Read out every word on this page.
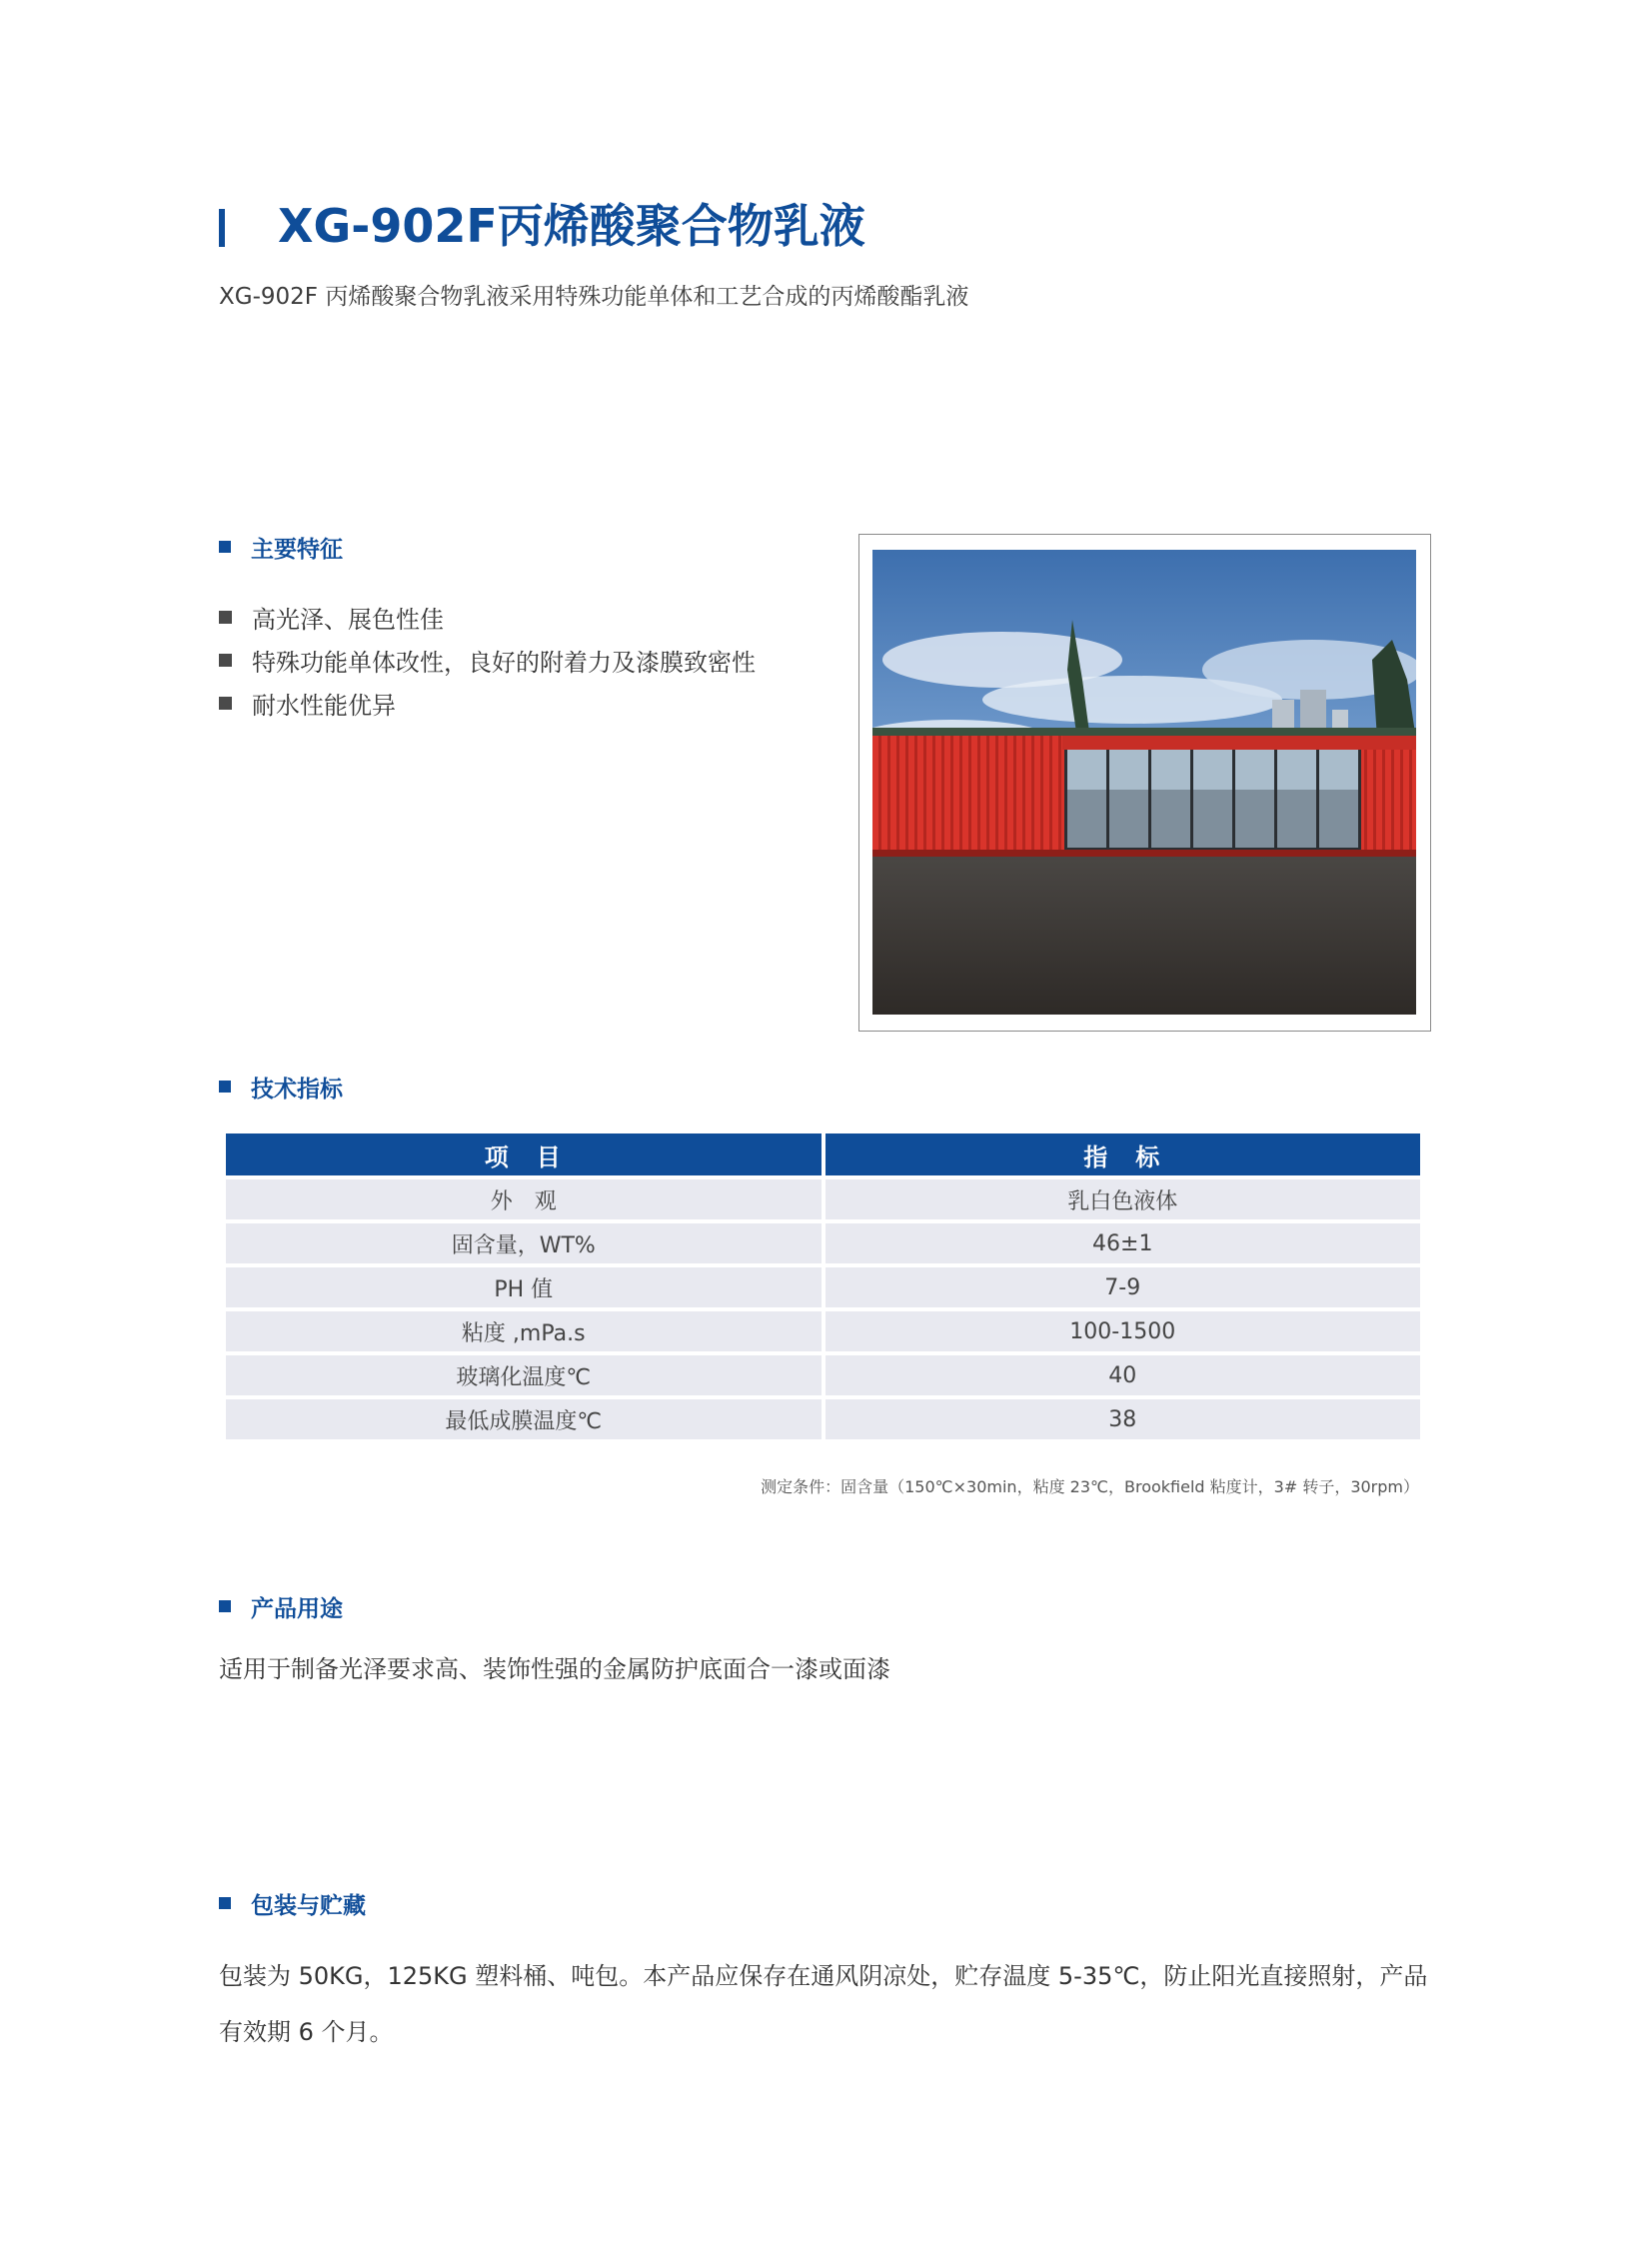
XG-902F丙烯酸聚合物乳液
XG-902F 丙烯酸聚合物乳液采用特殊功能单体和工艺合成的丙烯酸酯乳液
主要特征
高光泽、展色性佳
特殊功能单体改性，良好的附着力及漆膜致密性
耐水性能优异
技术指标
项　目	指　标
外　观	乳白色液体
固含量，WT%	46±1
PH 值	7-9
粘度 ,mPa.s	100-1500
玻璃化温度℃	40
最低成膜温度℃	38
测定条件：固含量（150℃×30min，粘度 23℃，Brookfield 粘度计，3# 转子，30rpm）
产品用途
适用于制备光泽要求高、装饰性强的金属防护底面合一漆或面漆
包装与贮藏
包装为 50KG，125KG 塑料桶、吨包。本产品应保存在通风阴凉处，贮存温度 5-35℃，防止阳光直接照射，产品有效期 6 个月。
